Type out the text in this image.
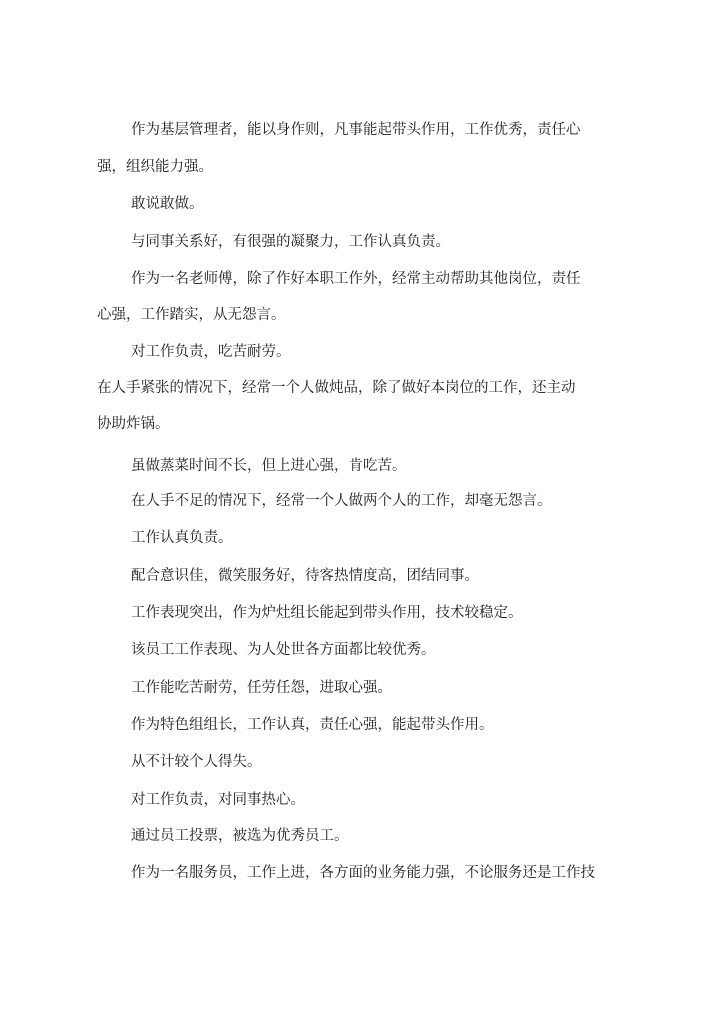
作为基层管理者，能以身作则，凡事能起带头作用，工作优秀，责任心
强，组织能力强。
敢说敢做。
与同事关系好，有很强的凝聚力，工作认真负责。
作为一名老师傅，除了作好本职工作外，经常主动帮助其他岗位，责任
心强，工作踏实，从无怨言。
对工作负责，吃苦耐劳。
在人手紧张的情况下，经常一个人做炖品，除了做好本岗位的工作，还主动
协助炸锅。
虽做蒸菜时间不长，但上进心强，肯吃苦。
在人手不足的情况下，经常一个人做两个人的工作，却毫无怨言。
工作认真负责。
配合意识佳，微笑服务好，待客热情度高，团结同事。
工作表现突出，作为炉灶组长能起到带头作用，技术较稳定。
该员工工作表现、为人处世各方面都比较优秀。
工作能吃苦耐劳，任劳任怨，进取心强。
作为特色组组长，工作认真，责任心强，能起带头作用。
从不计较个人得失。
对工作负责，对同事热心。
通过员工投票，被选为优秀员工。
作为一名服务员，工作上进，各方面的业务能力强，不论服务还是工作技
